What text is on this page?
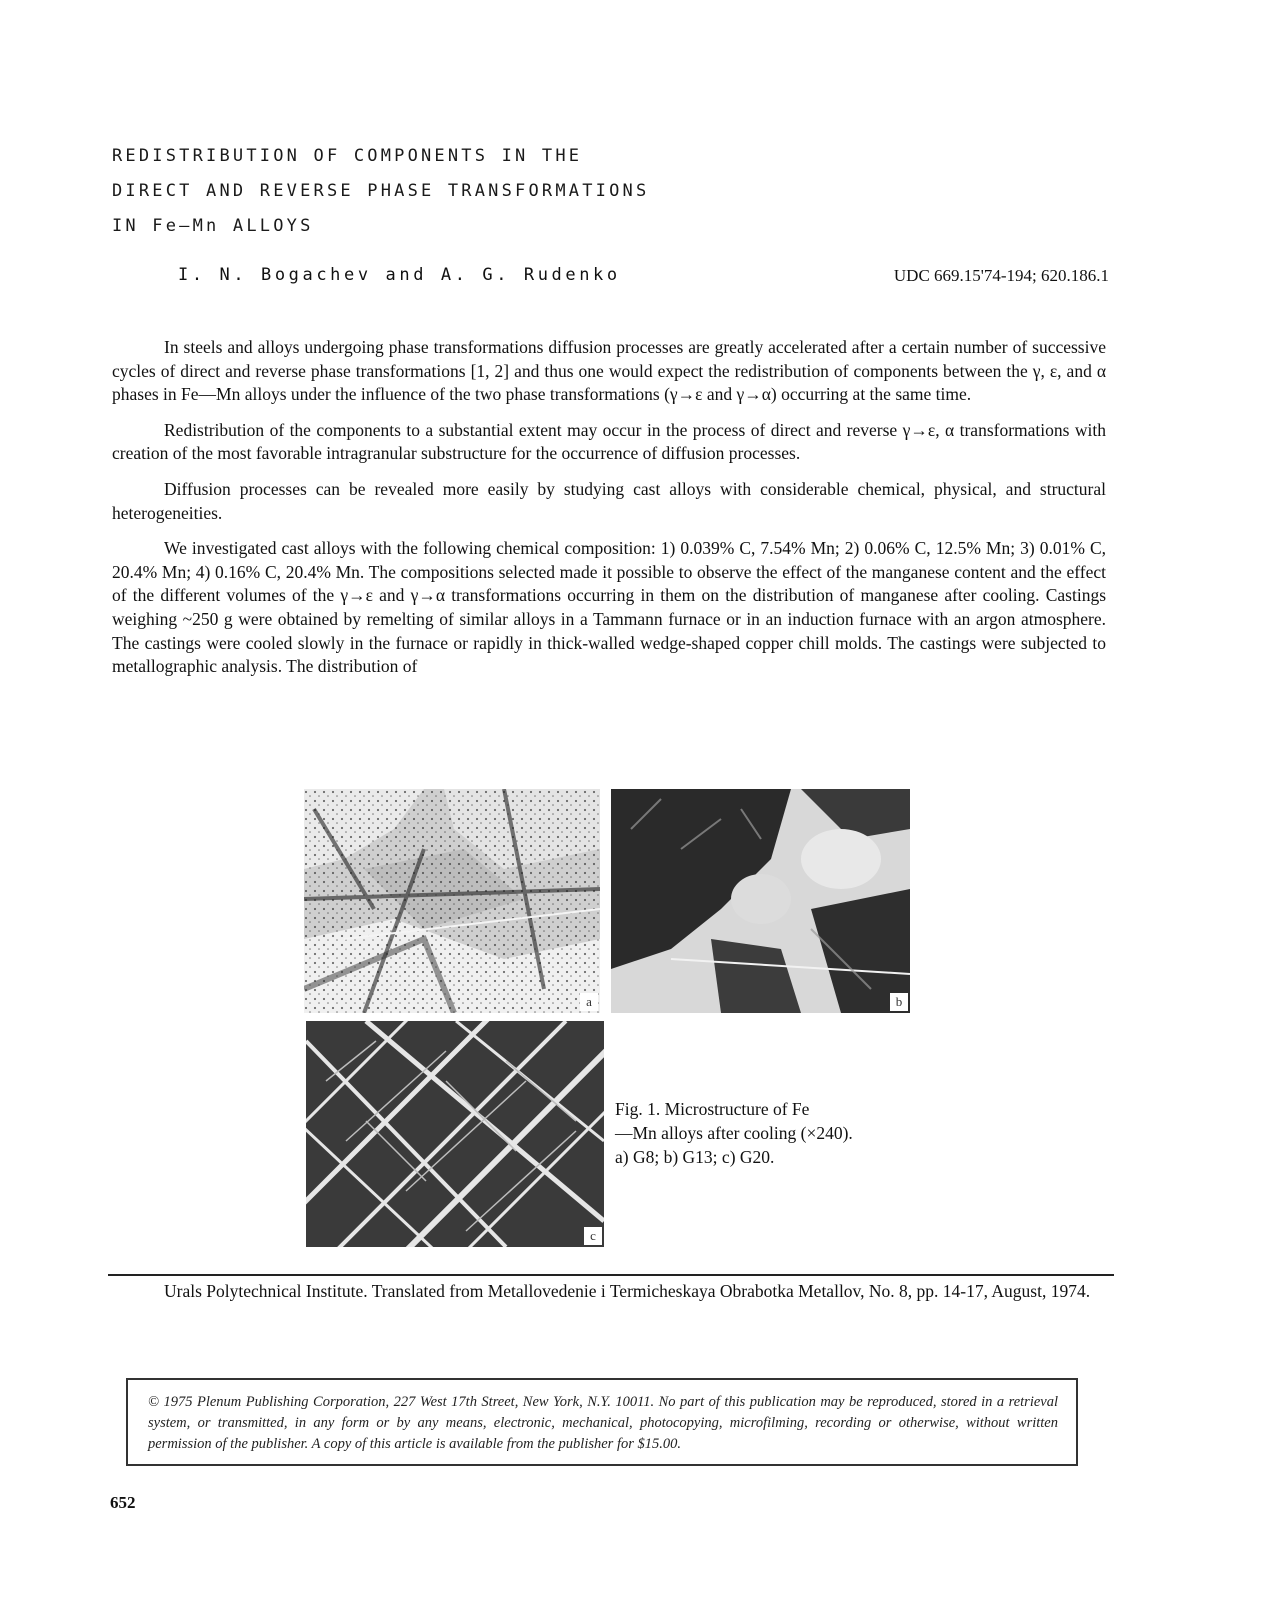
REDISTRIBUTION OF COMPONENTS IN THE
DIRECT AND REVERSE PHASE TRANSFORMATIONS
IN Fe—Mn ALLOYS
I. N. Bogachev and A. G. Rudenko	UDC 669.15'74-194; 620.186.1

In steels and alloys undergoing phase transformations diffusion processes are greatly accelerated after a certain number of successive cycles of direct and reverse phase transformations [1, 2] and thus one would expect the redistribution of components between the γ, ε, and α phases in Fe—Mn alloys under the influence of the two phase transformations (γ→ε and γ→α) occurring at the same time.

Redistribution of the components to a substantial extent may occur in the process of direct and reverse γ→ε, α transformations with creation of the most favorable intragranular substructure for the occurrence of diffusion processes.

Diffusion processes can be revealed more easily by studying cast alloys with considerable chemical, physical, and structural heterogeneities.

We investigated cast alloys with the following chemical composition: 1) 0.039% C, 7.54% Mn; 2) 0.06% C, 12.5% Mn; 3) 0.01% C, 20.4% Mn; 4) 0.16% C, 20.4% Mn. The compositions selected made it possible to observe the effect of the manganese content and the effect of the different volumes of the γ→ε and γ→α transformations occurring in them on the distribution of manganese after cooling. Castings weighing ~250 g were obtained by remelting of similar alloys in a Tammann furnace or in an induction furnace with an argon atmosphere. The castings were cooled slowly in the furnace or rapidly in thick-walled wedge-shaped copper chill molds. The castings were subjected to metallographic analysis. The distribution of

a	b
c
Fig. 1. Microstructure of Fe
—Mn alloys after cooling (×240).
a) G8; b) G13; c) G20.

Urals Polytechnical Institute. Translated from Metallovedenie i Termicheskaya Obrabotka Metallov, No. 8, pp. 14-17, August, 1974.

© 1975 Plenum Publishing Corporation, 227 West 17th Street, New York, N.Y. 10011. No part of this publication may be reproduced, stored in a retrieval system, or transmitted, in any form or by any means, electronic, mechanical, photocopying, microfilming, recording or otherwise, without written permission of the publisher. A copy of this article is available from the publisher for $15.00.
652
